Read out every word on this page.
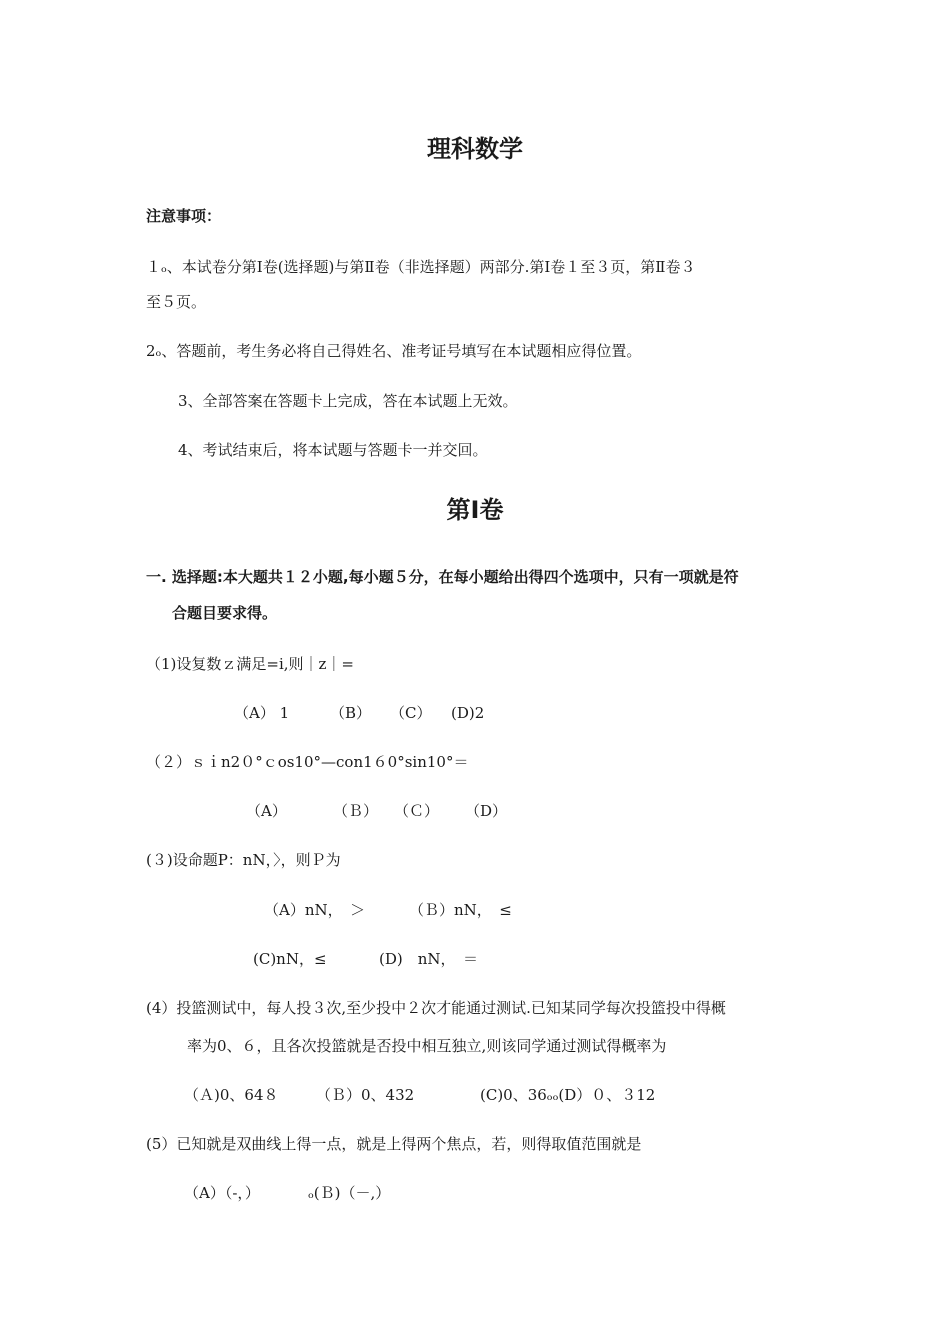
理科数学
注意事项：
１ₒ、本试卷分第Ⅰ卷(选择题)与第Ⅱ卷（非选择题）两部分.第Ⅰ卷１至３页，第Ⅱ卷３
至５页。
2ₒ、答题前，考生务必将自己得姓名、准考证号填写在本试题相应得位置。
3、全部答案在答题卡上完成，答在本试题上无效。
4、考试结束后，将本试题与答题卡一并交回。
第Ⅰ卷
一. 选择题:本大题共１２小题,每小题５分，在每小题给出得四个选项中，只有一项就是符
合题目要求得。
（1)设复数ｚ满足=i,则｜z｜=
（A） 1	（B） （C） (D)2
（２）ｓｉn2０°ｃos10°—con1６0°sin10°＝
（A）	（Ｂ） （Ｃ） （D）
(３)设命题P：nN，〉，则Ｐ为
（A）nN，　＞	（Ｂ）nN，　≤
(C)nN，≤	(D)　nN，　＝
(4）投篮测试中，每人投３次,至少投中２次才能通过测试.已知某同学每次投篮投中得概
率为0、６，且各次投篮就是否投中相互独立,则该同学通过测试得概率为
（Ａ)0、64８	（Ｂ）0、432	(C)0、36ₒₒ(D）０、３12
(5）已知就是双曲线上得一点，就是上得两个焦点，若，则得取值范围就是
（A）（-，）	ₒ(Ｂ)（－,）
